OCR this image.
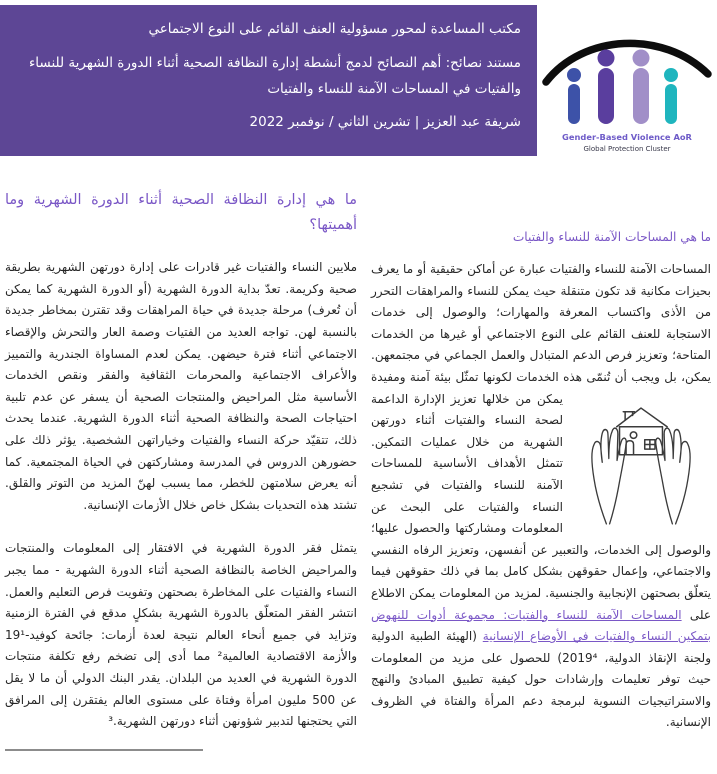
مكتب المساعدة لمحور مسؤولية العنف القائم على النوع الاجتماعي

مستند نصائح: أهم النصائح لدمج أنشطة إدارة النظافة الصحية أثناء الدورة الشهرية للنساء والفتيات في المساحات الآمنة للنساء والفتيات

شريفة عبد العزيز | تشرين الثاني / نوفمبر 2022

Gender-Based Violence AoR
Global Protection Cluster
ما هي المساحات الآمنة للنساء والفتيات

المساحات الآمنة للنساء والفتيات عبارة عن أماكن حقيقية أو ما يعرف بحيزات مكانية قد تكون متنقلة حيث يمكن للنساء والمراهقات التحرر من الأذى واكتساب المعرفة والمهارات؛ والوصول إلى خدمات الاستجابة للعنف القائم على النوع الاجتماعي أو غيرها من الخدمات المتاحة؛ وتعزيز فرص الدعم المتبادل والعمل الجماعي في مجتمعهن. يمكن، بل ويجب أن تُنمّى هذه الخدمات لكونها تمثّل بيئة آمنة ومفيدة
يمكن من خلالها تعزيز الإدارة الداعمة لصحة النساء والفتيات أثناء دورتهن الشهرية من خلال عمليات التمكين. تتمثل الأهداف الأساسية للمساحات الآمنة للنساء والفتيات في تشجيع النساء والفتيات على البحث عن المعلومات ومشاركتها والحصول عليها؛ والوصول إلى الخدمات، والتعبير عن أنفسهن، وتعزيز الرفاه النفسي والاجتماعي، وإعمال حقوقهن بشكل كامل بما في ذلك حقوقهن فيما يتعلّق بصحتهن الإنجابية والجنسية. لمزيد من المعلومات يمكن الاطلاع على المساحات الآمنة للنساء والفتيات: مجموعة أدوات للنهوض بتمكين النساء والفتيات في الأوضاع الإنسانية (الهيئة الطبية الدولية ولجنة الإنقاذ الدولية، 2019⁴) للحصول على مزيد من المعلومات حيث توفر تعليمات وإرشادات حول كيفية تطبيق المبادئ والنهج والاستراتيجيات النسوية لبرمجة دعم المرأة والفتاة في الظروف الإنسانية.

ما هي إدارة النظافة الصحية أثناء الدورة الشهرية وما أهميتها؟

ملايين النساء والفتيات غير قادرات على إدارة دورتهن الشهرية بطريقة صحية وكريمة. تعدّ بداية الدورة الشهرية (أو الدورة الشهرية كما يمكن أن تُعرف) مرحلة جديدة في حياة المراهقات وقد تقترن بمخاطر جديدة بالنسبة لهن. تواجه العديد من الفتيات وصمة العار والتحرش والإقصاء الاجتماعي أثناء فترة حيضهن. يمكن لعدم المساواة الجندرية والتمييز والأعراف الاجتماعية والمحرمات الثقافية والفقر ونقص الخدمات الأساسية مثل المراحيض والمنتجات الصحية أن يسفر عن عدم تلبية احتياجات الصحة والنظافة الصحية أثناء الدورة الشهرية. عندما يحدث ذلك، تتقيّد حركة النساء والفتيات وخياراتهن الشخصية. يؤثر ذلك على حضورهن الدروس في المدرسة ومشاركتهن في الحياة المجتمعية. كما أنه يعرض سلامتهن للخطر، مما يسبب لهنّ المزيد من التوتر والقلق. تشتد هذه التحديات بشكل خاص خلال الأزمات الإنسانية.

يتمثل فقر الدورة الشهرية في الافتقار إلى المعلومات والمنتجات والمراحيض الخاصة بالنظافة الصحية أثناء الدورة الشهرية - مما يجبر النساء والفتيات على المخاطرة بصحتهن وتفويت فرص التعليم والعمل. انتشر الفقر المتعلّق بالدورة الشهرية بشكلٍ مدقع في الفترة الزمنية وتزايد في جميع أنحاء العالم نتيجة لعدة أزمات: جائحة كوفيد-19¹ والأزمة الاقتصادية العالمية² مما أدى إلى تضخم رفع تكلفة منتجات الدورة الشهرية في العديد من البلدان. يقدر البنك الدولي أن ما لا يقل عن 500 مليون امرأة وفتاة على مستوى العالم يفتقرن إلى المرافق التي يحتجنها لتدبير شؤونهن أثناء دورتهن الشهرية.³
